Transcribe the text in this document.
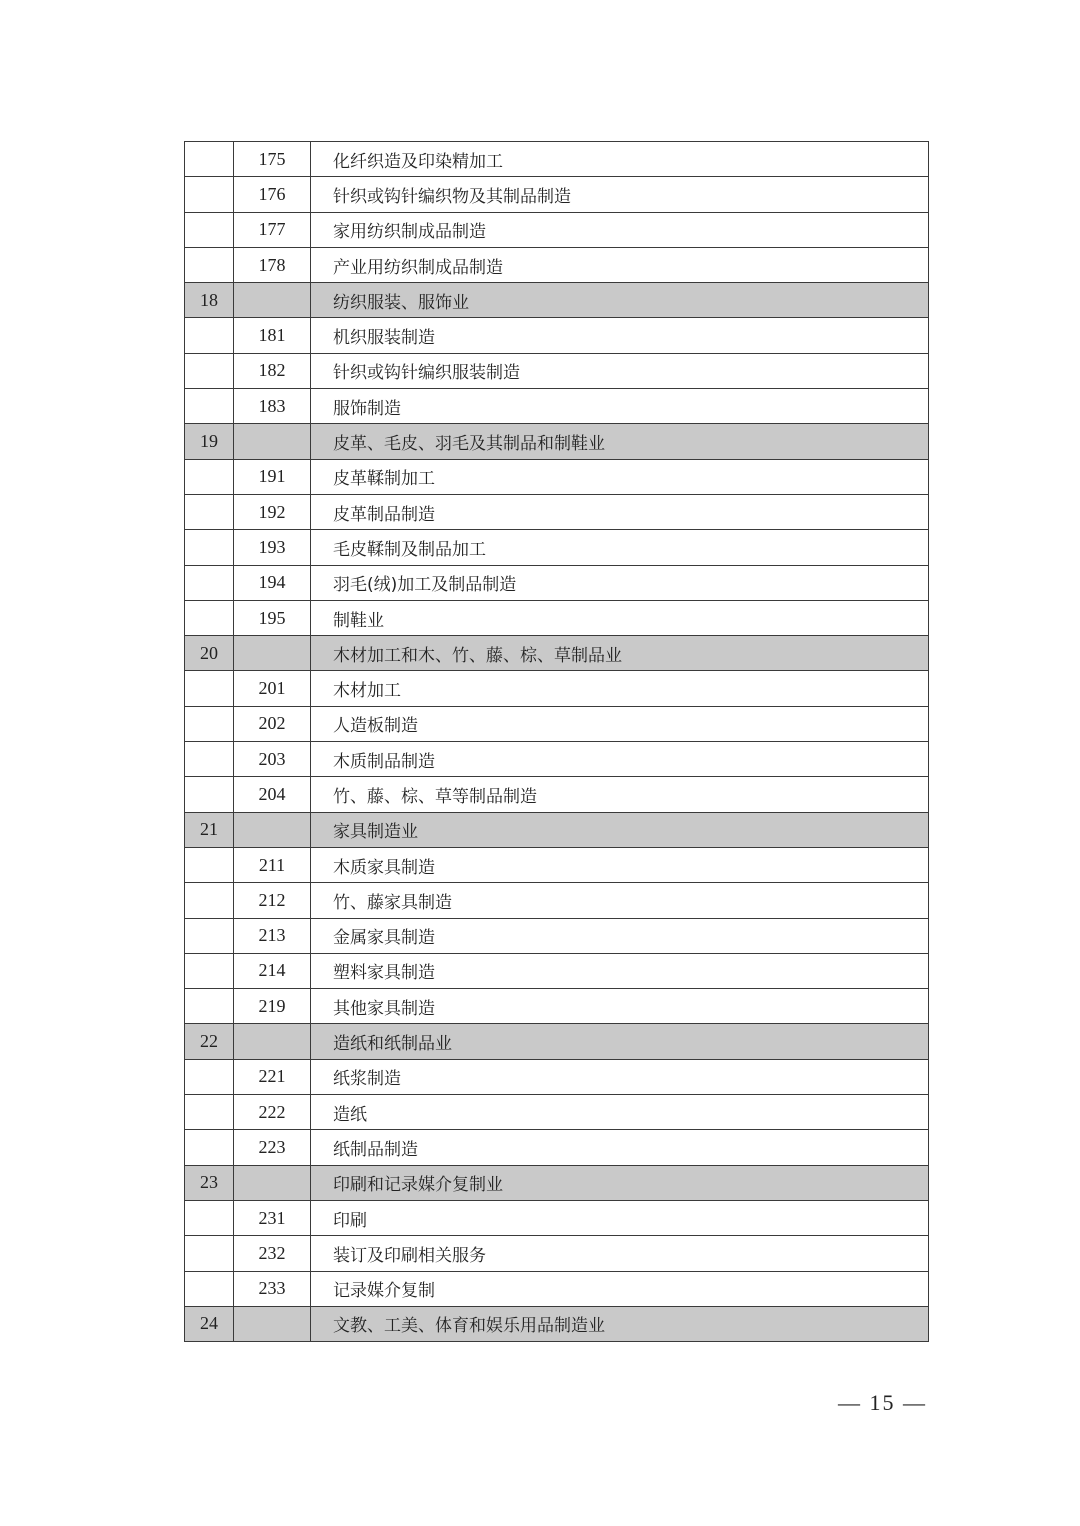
	175	化纤织造及印染精加工
	176	针织或钩针编织物及其制品制造
	177	家用纺织制成品制造
	178	产业用纺织制成品制造
18		纺织服装、服饰业
	181	机织服装制造
	182	针织或钩针编织服装制造
	183	服饰制造
19		皮革、毛皮、羽毛及其制品和制鞋业
	191	皮革鞣制加工
	192	皮革制品制造
	193	毛皮鞣制及制品加工
	194	羽毛(绒)加工及制品制造
	195	制鞋业
20		木材加工和木、竹、藤、棕、草制品业
	201	木材加工
	202	人造板制造
	203	木质制品制造
	204	竹、藤、棕、草等制品制造
21		家具制造业
	211	木质家具制造
	212	竹、藤家具制造
	213	金属家具制造
	214	塑料家具制造
	219	其他家具制造
22		造纸和纸制品业
	221	纸浆制造
	222	造纸
	223	纸制品制造
23		印刷和记录媒介复制业
	231	印刷
	232	装订及印刷相关服务
	233	记录媒介复制
24		文教、工美、体育和娱乐用品制造业
— 15 —
